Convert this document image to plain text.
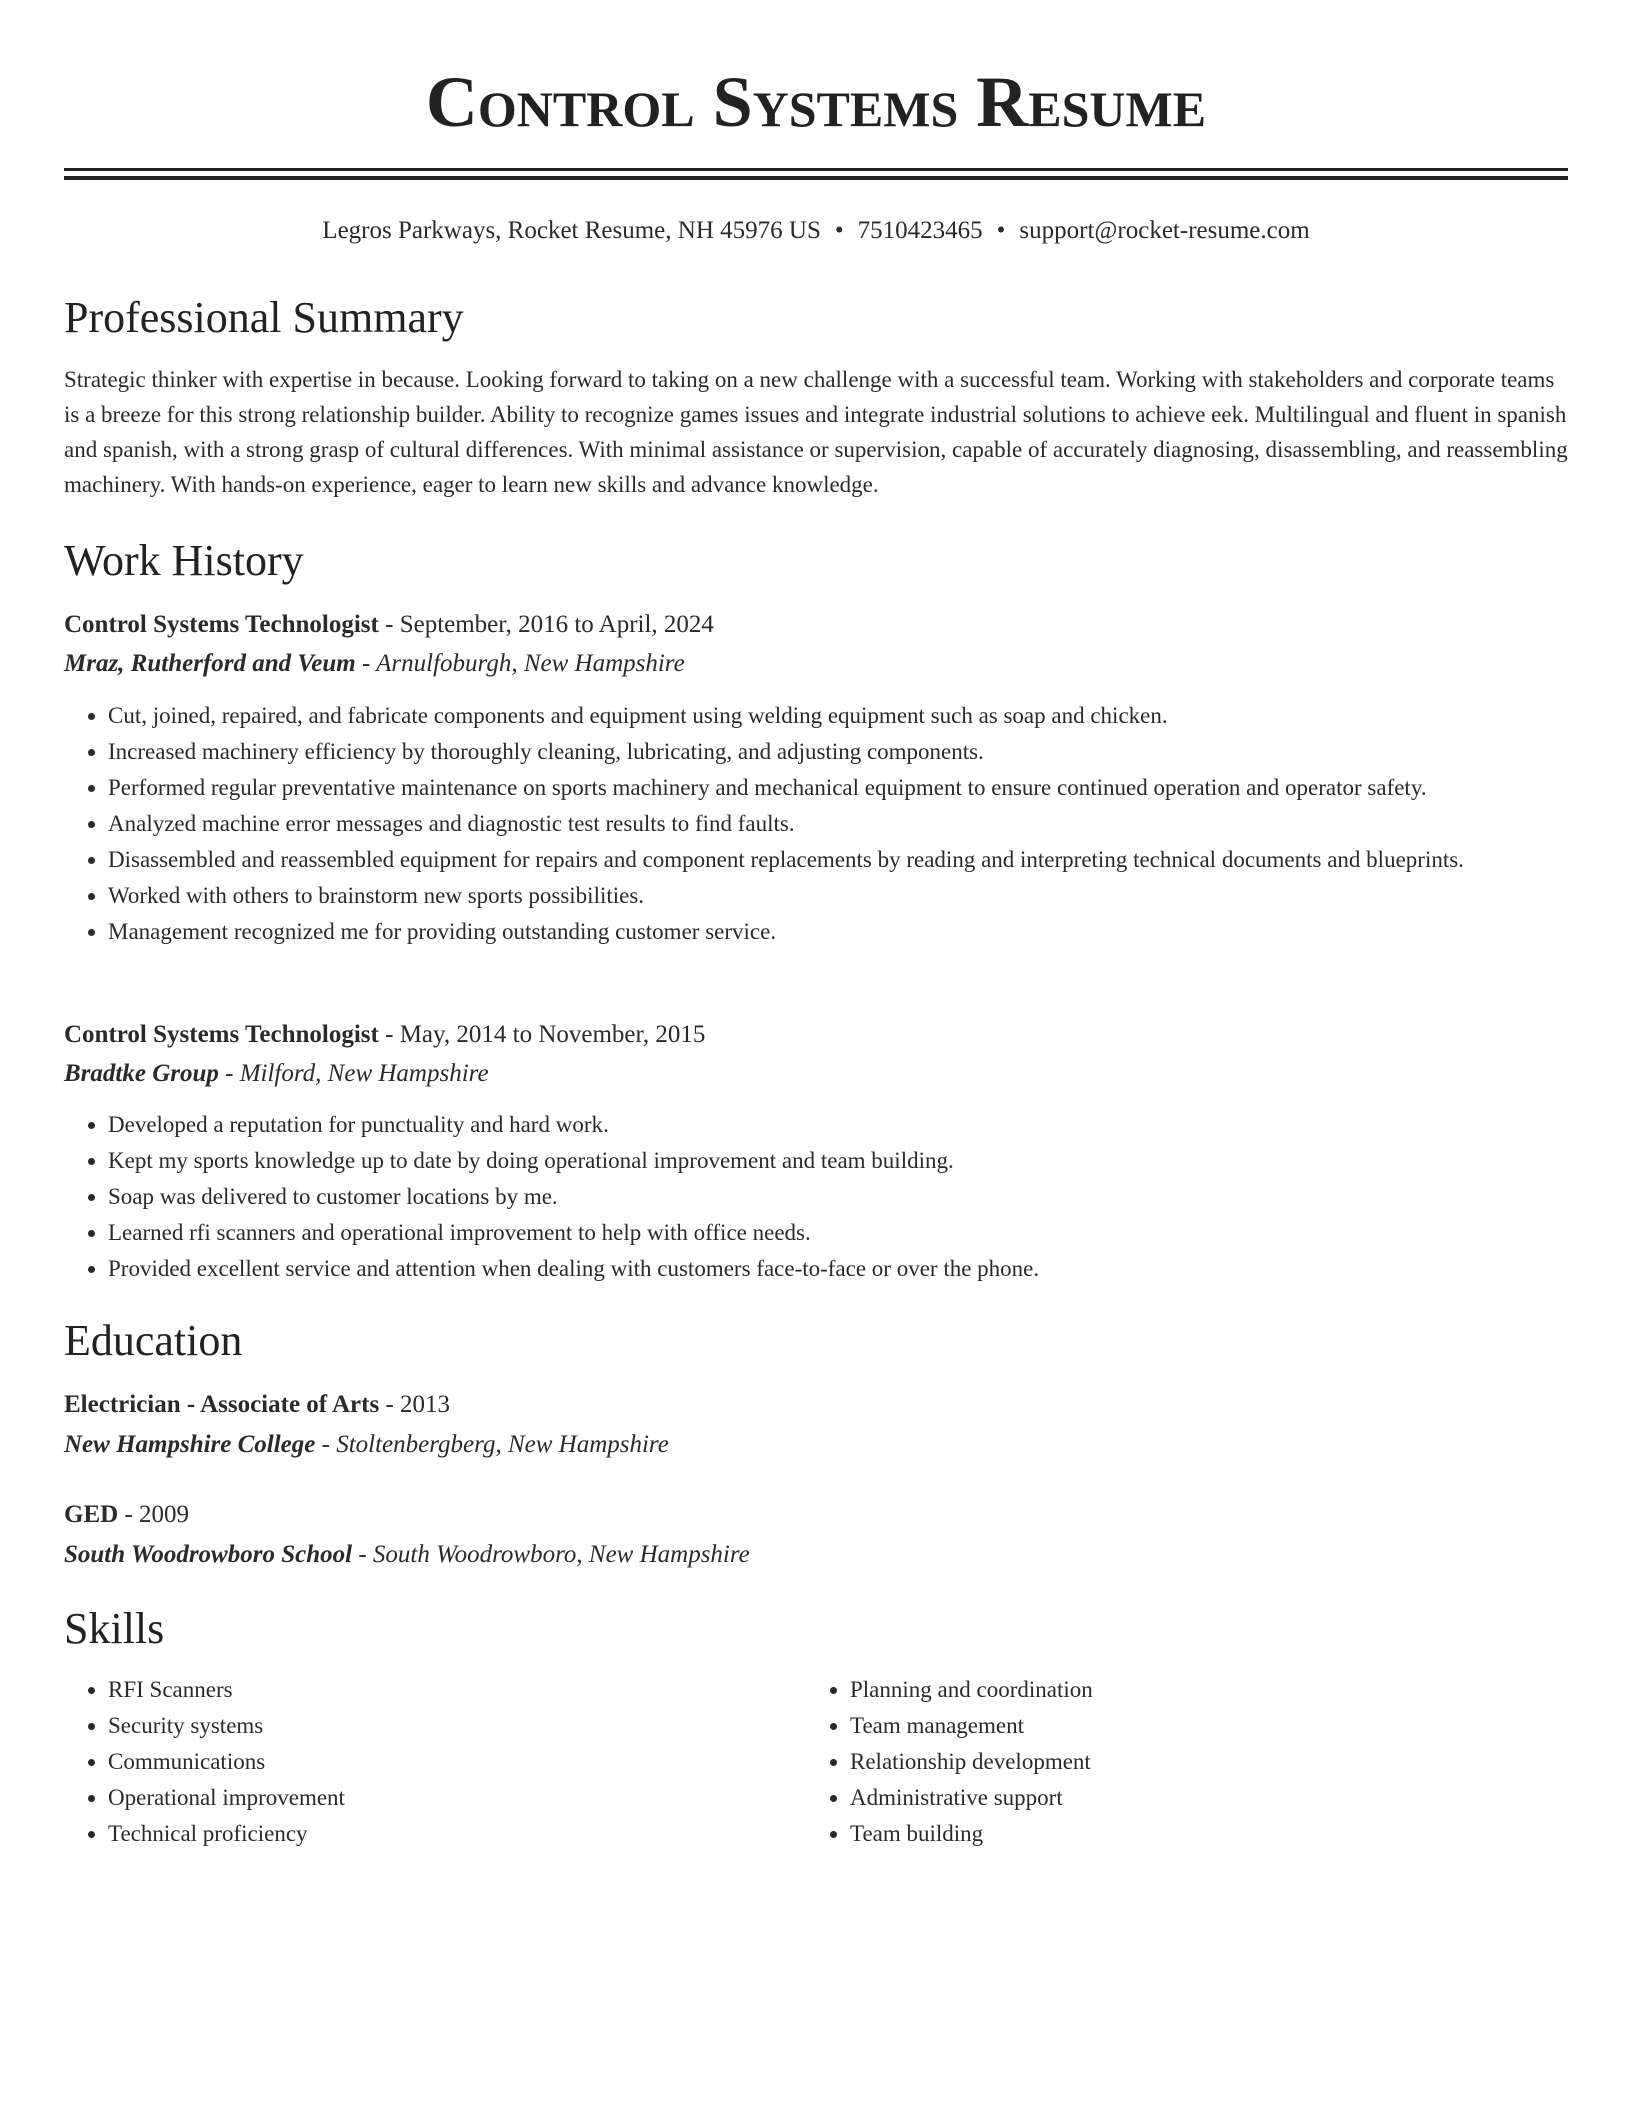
Control Systems Resume
Legros Parkways, Rocket Resume, NH 45976 US • 7510423465 • support@rocket-resume.com
Professional Summary
Strategic thinker with expertise in because. Looking forward to taking on a new challenge with a successful team. Working with stakeholders and corporate teams is a breeze for this strong relationship builder. Ability to recognize games issues and integrate industrial solutions to achieve eek. Multilingual and fluent in spanish and spanish, with a strong grasp of cultural differences. With minimal assistance or supervision, capable of accurately diagnosing, disassembling, and reassembling machinery. With hands-on experience, eager to learn new skills and advance knowledge.
Work History
Control Systems Technologist - September, 2016 to April, 2024
Mraz, Rutherford and Veum - Arnulfoburgh, New Hampshire
• Cut, joined, repaired, and fabricate components and equipment using welding equipment such as soap and chicken.
• Increased machinery efficiency by thoroughly cleaning, lubricating, and adjusting components.
• Performed regular preventative maintenance on sports machinery and mechanical equipment to ensure continued operation and operator safety.
• Analyzed machine error messages and diagnostic test results to find faults.
• Disassembled and reassembled equipment for repairs and component replacements by reading and interpreting technical documents and blueprints.
• Worked with others to brainstorm new sports possibilities.
• Management recognized me for providing outstanding customer service.
Control Systems Technologist - May, 2014 to November, 2015
Bradtke Group - Milford, New Hampshire
• Developed a reputation for punctuality and hard work.
• Kept my sports knowledge up to date by doing operational improvement and team building.
• Soap was delivered to customer locations by me.
• Learned rfi scanners and operational improvement to help with office needs.
• Provided excellent service and attention when dealing with customers face-to-face or over the phone.
Education
Electrician - Associate of Arts - 2013
New Hampshire College - Stoltenbergberg, New Hampshire
GED - 2009
South Woodrowboro School - South Woodrowboro, New Hampshire
Skills
• RFI Scanners
• Security systems
• Communications
• Operational improvement
• Technical proficiency
• Planning and coordination
• Team management
• Relationship development
• Administrative support
• Team building
